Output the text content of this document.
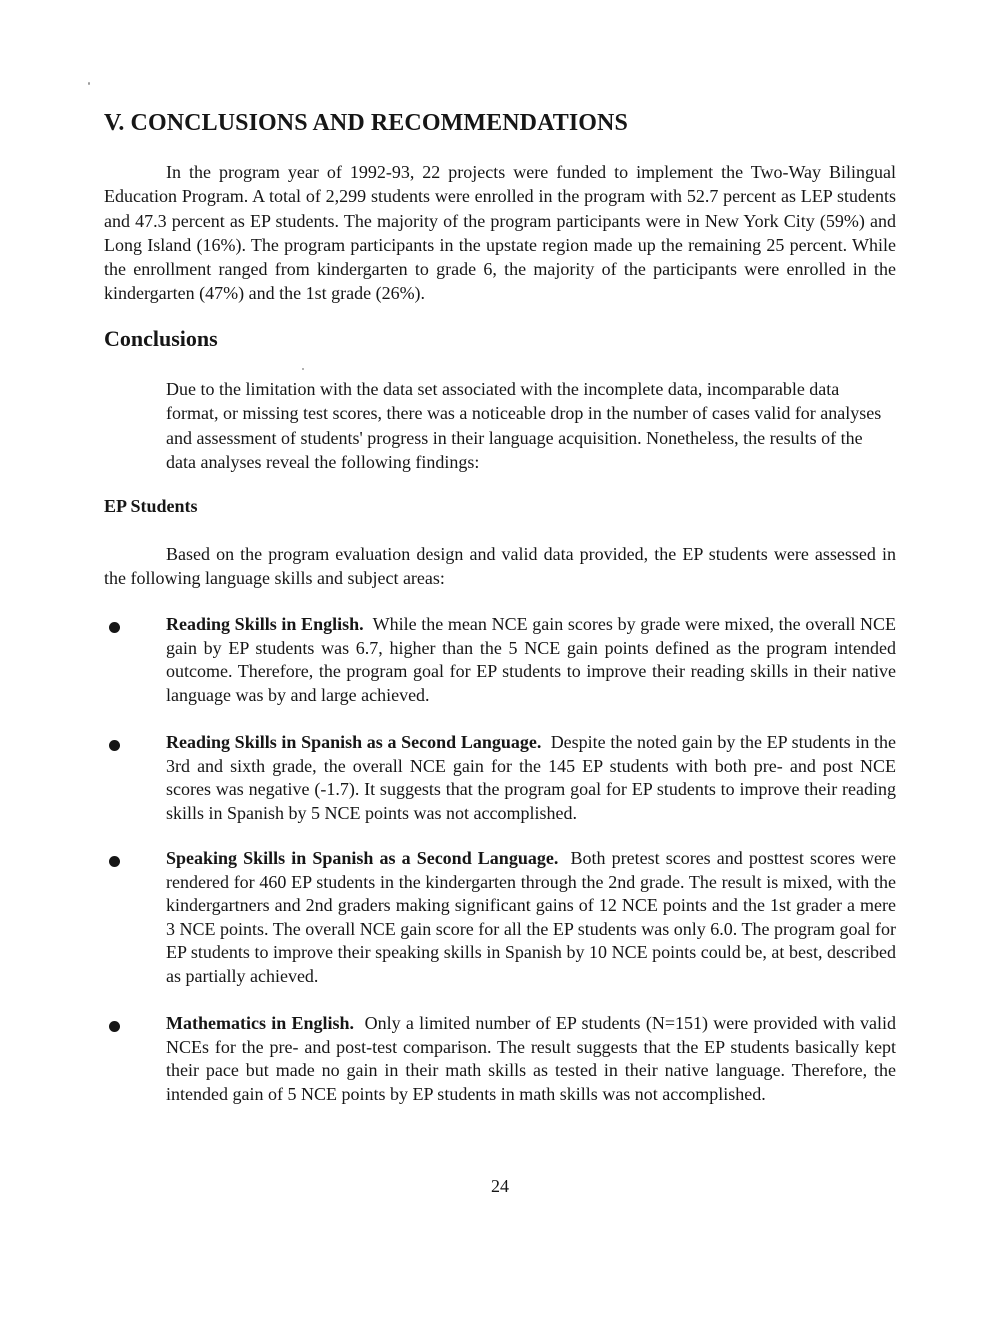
V. CONCLUSIONS AND RECOMMENDATIONS

In the program year of 1992-93, 22 projects were funded to implement the Two-Way Bilingual Education Program. A total of 2,299 students were enrolled in the program with 52.7 percent as LEP students and 47.3 percent as EP students. The majority of the program participants were in New York City (59%) and Long Island (16%). The program participants in the upstate region made up the remaining 25 percent. While the enrollment ranged from kindergarten to grade 6, the majority of the participants were enrolled in the kindergarten (47%) and the 1st grade (26%).

Conclusions

Due to the limitation with the data set associated with the incomplete data, incomparable data format, or missing test scores, there was a noticeable drop in the number of cases valid for analyses and assessment of students' progress in their language acquisition. Nonetheless, the results of the data analyses reveal the following findings:

EP Students

Based on the program evaluation design and valid data provided, the EP students were assessed in the following language skills and subject areas:

Reading Skills in English. While the mean NCE gain scores by grade were mixed, the overall NCE gain by EP students was 6.7, higher than the 5 NCE gain points defined as the program intended outcome. Therefore, the program goal for EP students to improve their reading skills in their native language was by and large achieved.

Reading Skills in Spanish as a Second Language. Despite the noted gain by the EP students in the 3rd and sixth grade, the overall NCE gain for the 145 EP students with both pre- and post NCE scores was negative (-1.7). It suggests that the program goal for EP students to improve their reading skills in Spanish by 5 NCE points was not accomplished.

Speaking Skills in Spanish as a Second Language. Both pretest scores and posttest scores were rendered for 460 EP students in the kindergarten through the 2nd grade. The result is mixed, with the kindergartners and 2nd graders making significant gains of 12 NCE points and the 1st grader a mere 3 NCE points. The overall NCE gain score for all the EP students was only 6.0. The program goal for EP students to improve their speaking skills in Spanish by 10 NCE points could be, at best, described as partially achieved.

Mathematics in English. Only a limited number of EP students (N=151) were provided with valid NCEs for the pre- and post-test comparison. The result suggests that the EP students basically kept their pace but made no gain in their math skills as tested in their native language. Therefore, the intended gain of 5 NCE points by EP students in math skills was not accomplished.

24
